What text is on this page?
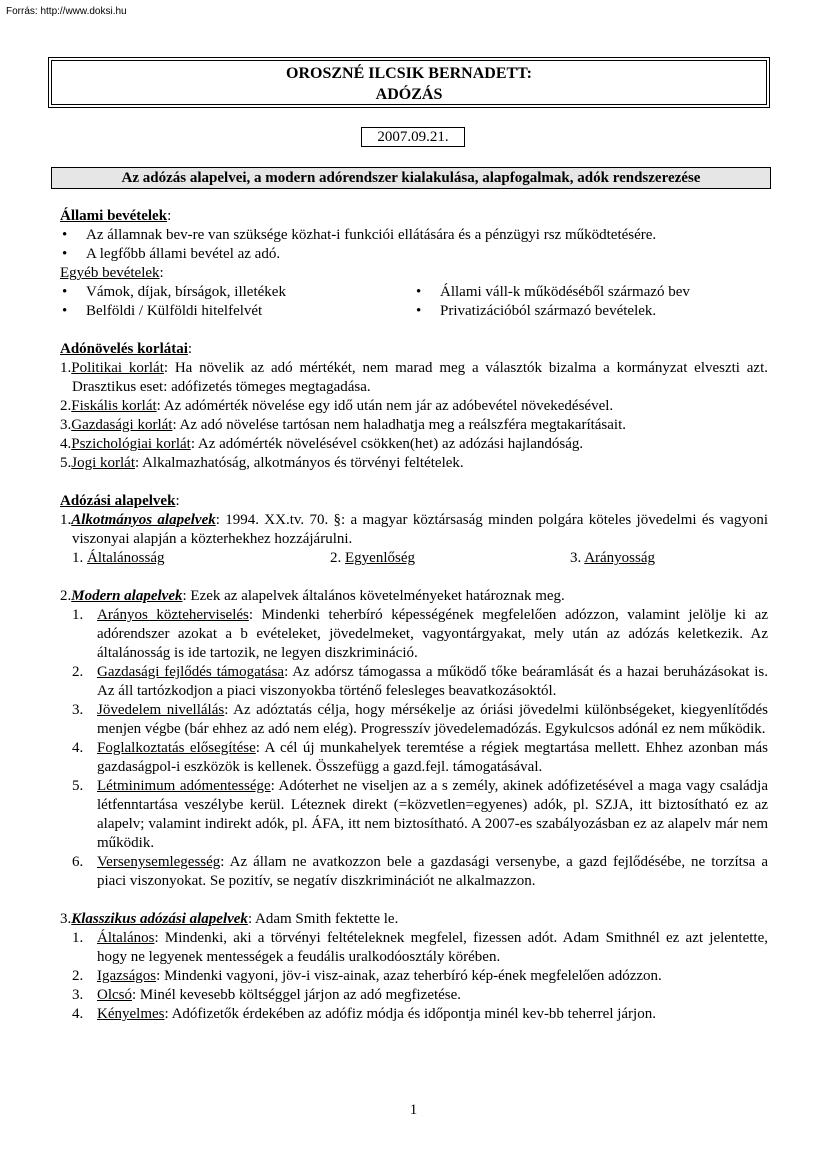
Forrás: http://www.doksi.hu
OROSZNÉ ILCSIK BERNADETT:
ADÓZÁS
2007.09.21.
Az adózás alapelvei, a modern adórendszer kialakulása, alapfogalmak, adók rendszerezése

Állami bevételek:

• Az államnak bev-re van szüksége közhat-i funkciói ellátására és a pénzügyi rsz működtetésére.
• A legfőbb állami bevétel az adó.

Egyéb bevételek:

• Vámok, díjak, bírságok, illetékek
• Belföldi / Külföldi hitelfelvét
• Állami váll-k működéséből származó bev
• Privatizációból származó bevételek.

Adónövelés korlátai:

1.Politikai korlát: Ha növelik az adó mértékét, nem marad meg a választók bizalma a kormányzat elveszti azt. Drasztikus eset: adófizetés tömeges megtagadása.
2.Fiskális korlát: Az adómérték növelése egy idő után nem jár az adóbevétel növekedésével.
3.Gazdasági korlát: Az adó növelése tartósan nem haladhatja meg a reálszféra megtakarításait.
4.Pszichológiai korlát: Az adómérték növelésével csökken(het) az adózási hajlandóság.
5.Jogi korlát: Alkalmazhatóság, alkotmányos és törvényi feltételek.

Adózási alapelvek:

1.Alkotmányos alapelvek: 1994. XX.tv. 70. §: a magyar köztársaság minden polgára köteles jövedelmi és vagyoni viszonyai alapján a közterhekhez hozzájárulni.
1. Általánosság	2. Egyenlőség	3. Arányosság
2.Modern alapelvek: Ezek az alapelvek általános követelményeket határoznak meg.
1. Arányos közteherviselés: Mindenki teherbíró képességének megfelelően adózzon, valamint jelölje ki az adórendszer azokat a b evételeket, jövedelmeket, vagyontárgyakat, mely után az adózás keletkezik. Az általánosság is ide tartozik, ne legyen diszkrimináció.
2. Gazdasági fejlődés támogatása: Az adórsz támogassa a működő tőke beáramlását és a hazai beruházásokat is. Az áll tartózkodjon a piaci viszonyokba történő felesleges beavatkozásoktól.
3. Jövedelem nivellálás: Az adóztatás célja, hogy mérsékelje az óriási jövedelmi különbségeket, kiegyenlítődés menjen végbe (bár ehhez az adó nem elég). Progresszív jövedelemadózás. Egykulcsos adónál ez nem működik.
4. Foglalkoztatás elősegítése: A cél új munkahelyek teremtése a régiek megtartása mellett. Ehhez azonban más gazdaságpol-i eszközök is kellenek. Összefügg a gazd.fejl. támogatásával.
5. Létminimum adómentessége: Adóterhet ne viseljen az a s zemély, akinek adófizetésével a maga vagy családja létfenntartása veszélybe kerül. Léteznek direkt (=közvetlen=egyenes) adók, pl. SZJA, itt biztosítható ez az alapelv; valamint indirekt adók, pl. ÁFA, itt nem biztosítható. A 2007-es szabályozásban ez az alapelv már nem működik.
6. Versenysemlegesség: Az állam ne avatkozzon bele a gazdasági versenybe, a gazd fejlődésébe, ne torzítsa a piaci viszonyokat. Se pozitív, se negatív diszkriminációt ne alkalmazzon.
3.Klasszikus adózási alapelvek: Adam Smith fektette le.
1. Általános: Mindenki, aki a törvényi feltételeknek megfelel, fizessen adót. Adam Smithnél ez azt jelentette, hogy ne legyenek mentességek a feudális uralkodóosztály körében.
2. Igazságos: Mindenki vagyoni, jöv-i visz-ainak, azaz teherbíró kép-ének megfelelően adózzon.
3. Olcsó: Minél kevesebb költséggel járjon az adó megfizetése.
4. Kényelmes: Adófizetők érdekében az adófiz módja és időpontja minél kev-bb teherrel járjon.
1
